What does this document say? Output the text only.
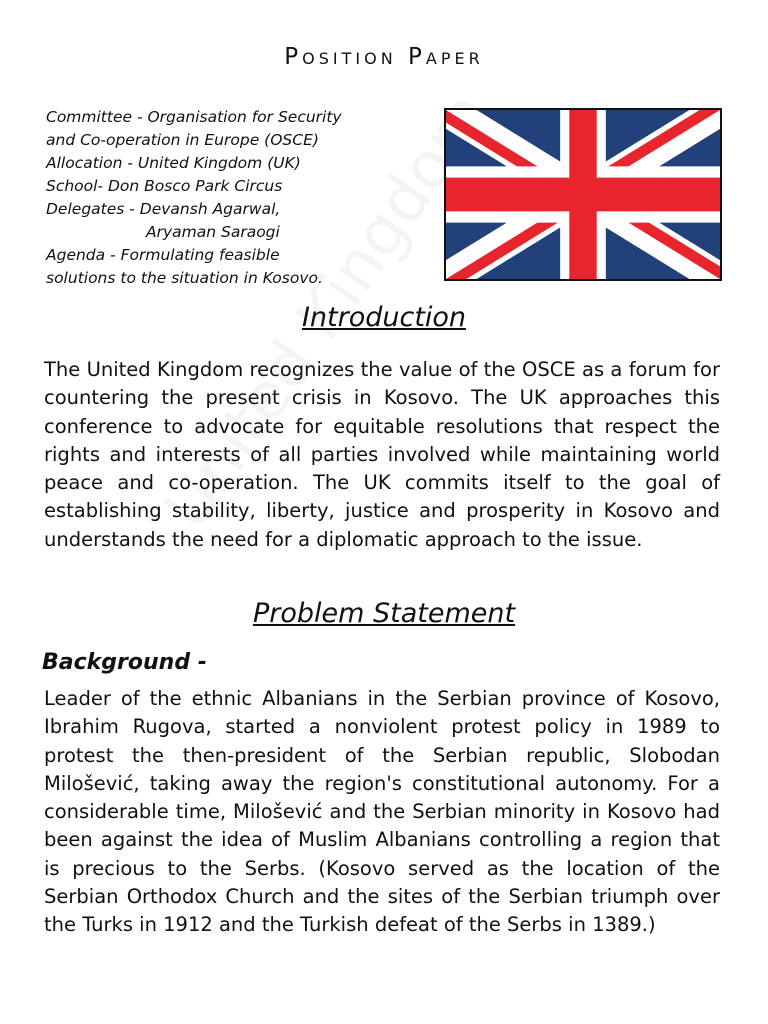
Position Paper
Committee - Organisation for Security
and Co-operation in Europe (OSCE)
Allocation - United Kingdom (UK)
School- Don Bosco Park Circus
Delegates - Devansh Agarwal,
Aryaman Saraogi
Agenda - Formulating feasible
solutions to the situation in Kosovo.
Introduction
The United Kingdom recognizes the value of the OSCE as a forum for countering the present crisis in Kosovo. The UK approaches this conference to advocate for equitable resolutions that respect the rights and interests of all parties involved while maintaining world peace and co-operation. The UK commits itself to the goal of establishing stability, liberty, justice and prosperity in Kosovo and understands the need for a diplomatic approach to the issue.
Problem Statement
Background -
Leader of the ethnic Albanians in the Serbian province of Kosovo, Ibrahim Rugova, started a nonviolent protest policy in 1989 to protest the then-president of the Serbian republic, Slobodan Milošević, taking away the region's constitutional autonomy. For a considerable time, Milošević and the Serbian minority in Kosovo had been against the idea of Muslim Albanians controlling a region that is precious to the Serbs. (Kosovo served as the location of the Serbian Orthodox Church and the sites of the Serbian triumph over the Turks in 1912 and the Turkish defeat of the Serbs in 1389.)
